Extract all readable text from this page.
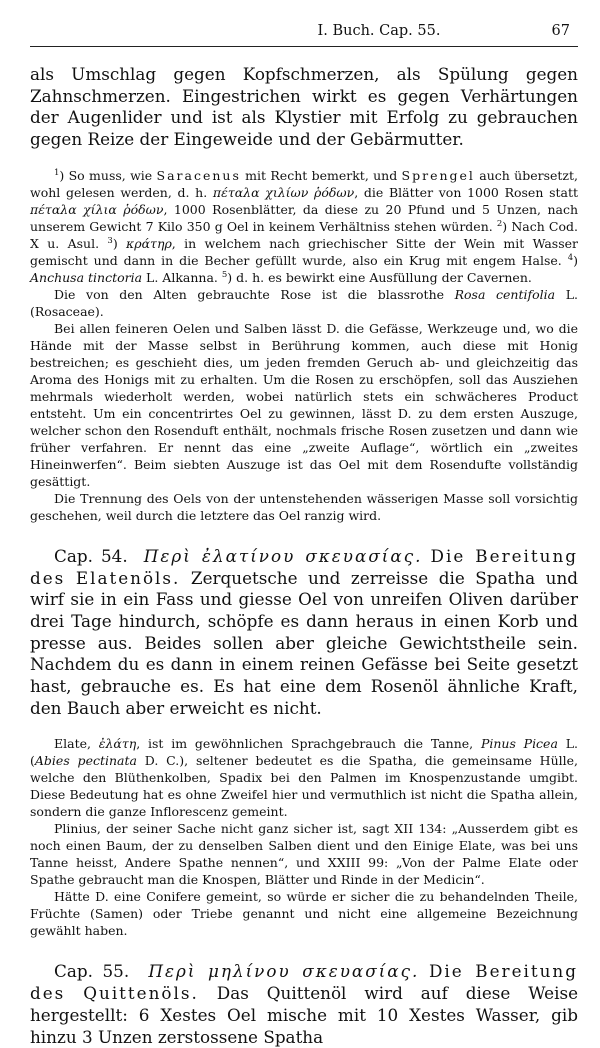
I. Buch. Cap. 55.	67

als Umschlag gegen Kopfschmerzen, als Spülung gegen Zahnschmerzen. Eingestrichen wirkt es gegen Verhärtungen der Augenlider und ist als Klystier mit Erfolg zu gebrauchen gegen Reize der Eingeweide und der Gebärmutter.

$^1$) So muss, wie Saracenus mit Recht bemerkt, und Sprengel auch übersetzt, wohl gelesen werden, d. h. πέταλα χιλίων ῥόδων, die Blätter von 1000 Rosen statt πέταλα χίλια ῥόδων, 1000 Rosenblätter, da diese zu 20 Pfund und 5 Unzen, nach unserem Gewicht 7 Kilo 350 g Oel in keinem Verhältniss stehen würden. $^2$) Nach Cod. X u. Asul. $^3$) κράτηρ, in welchem nach griechischer Sitte der Wein mit Wasser gemischt und dann in die Becher gefüllt wurde, also ein Krug mit engem Halse. $^4$) Anchusa tinctoria L. Alkanna. $^5$) d. h. es bewirkt eine Ausfüllung der Cavernen.

Die von den Alten gebrauchte Rose ist die blassrothe Rosa centifolia L. (Rosaceae).

Bei allen feineren Oelen und Salben lässt D. die Gefässe, Werkzeuge und, wo die Hände mit der Masse selbst in Berührung kommen, auch diese mit Honig bestreichen; es geschieht dies, um jeden fremden Geruch ab- und gleichzeitig das Aroma des Honigs mit zu erhalten. Um die Rosen zu erschöpfen, soll das Ausziehen mehrmals wiederholt werden, wobei natürlich stets ein schwächeres Product entsteht. Um ein concentrirtes Oel zu gewinnen, lässt D. zu dem ersten Auszuge, welcher schon den Rosenduft enthält, nochmals frische Rosen zusetzen und dann wie früher verfahren. Er nennt das eine „zweite Auflage“, wörtlich ein „zweites Hineinwerfen“. Beim siebten Auszuge ist das Oel mit dem Rosendufte vollständig gesättigt.

Die Trennung des Oels von der untenstehenden wässerigen Masse soll vorsichtig geschehen, weil durch die letztere das Oel ranzig wird.

Cap. 54. Περὶ ἐλατίνου σκευασίας. Die Bereitung des Elatenöls. Zerquetsche und zerreisse die Spatha und wirf sie in ein Fass und giesse Oel von unreifen Oliven darüber drei Tage hindurch, schöpfe es dann heraus in einen Korb und presse aus. Beides sollen aber gleiche Gewichtstheile sein. Nachdem du es dann in einem reinen Gefässe bei Seite gesetzt hast, gebrauche es. Es hat eine dem Rosenöl ähnliche Kraft, den Bauch aber erweicht es nicht.

Elate, ἐλάτη, ist im gewöhnlichen Sprachgebrauch die Tanne, Pinus Picea L. (Abies pectinata D. C.), seltener bedeutet es die Spatha, die gemeinsame Hülle, welche den Blüthenkolben, Spadix bei den Palmen im Knospenzustande umgibt. Diese Bedeutung hat es ohne Zweifel hier und vermuthlich ist nicht die Spatha allein, sondern die ganze Inflorescenz gemeint.

Plinius, der seiner Sache nicht ganz sicher ist, sagt XII 134: „Ausserdem gibt es noch einen Baum, der zu denselben Salben dient und den Einige Elate, was bei uns Tanne heisst, Andere Spathe nennen“, und XXIII 99: „Von der Palme Elate oder Spathe gebraucht man die Knospen, Blätter und Rinde in der Medicin“.

Hätte D. eine Conifere gemeint, so würde er sicher die zu behandelnden Theile, Früchte (Samen) oder Triebe genannt und nicht eine allgemeine Bezeichnung gewählt haben.

Cap. 55. Περὶ μηλίνου σκευασίας. Die Bereitung des Quittenöls. Das Quittenöl wird auf diese Weise hergestellt: 6 Xestes Oel mische mit 10 Xestes Wasser, gib hinzu 3 Unzen zerstossene Spatha
